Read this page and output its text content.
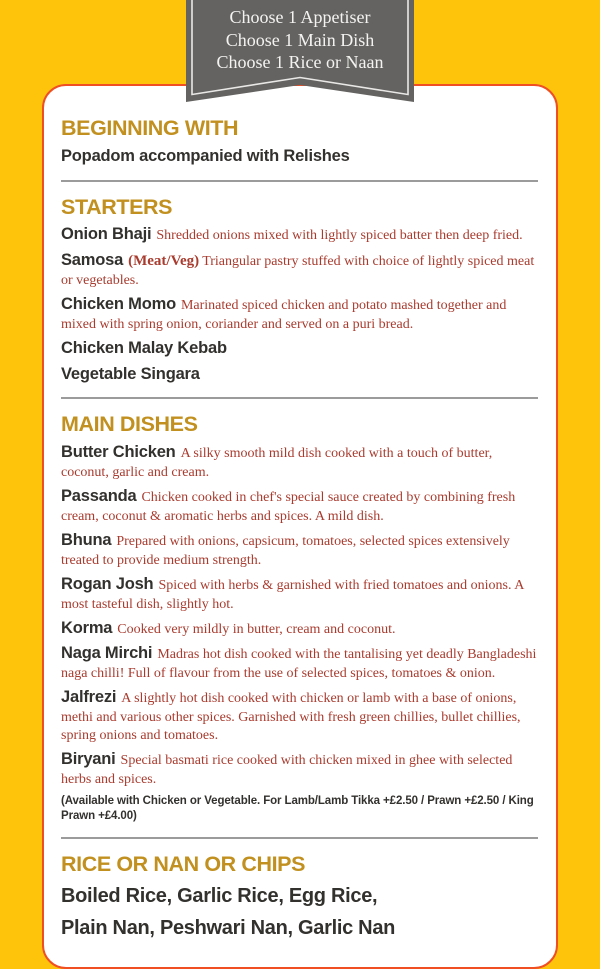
Choose 1 Appetiser
Choose 1 Main Dish
Choose 1 Rice or Naan
BEGINNING WITH

Popadom accompanied with Relishes

STARTERS

Onion Bhaji Shredded onions mixed with lightly spiced batter then deep fried.

Samosa (Meat/Veg) Triangular pastry stuffed with choice of lightly spiced meat or vegetables.

Chicken Momo Marinated spiced chicken and potato mashed together and mixed with spring onion, coriander and served on a puri bread.

Chicken Malay Kebab

Vegetable Singara

MAIN DISHES

Butter Chicken A silky smooth mild dish cooked with a touch of butter, coconut, garlic and cream.

Passanda Chicken cooked in chef's special sauce created by combining fresh cream, coconut & aromatic herbs and spices. A mild dish.

Bhuna Prepared with onions, capsicum, tomatoes, selected spices extensively treated to provide medium strength.

Rogan Josh Spiced with herbs & garnished with fried tomatoes and onions. A most tasteful dish, slightly hot.

Korma Cooked very mildly in butter, cream and coconut.

Naga Mirchi Madras hot dish cooked with the tantalising yet deadly Bangladeshi naga chilli! Full of flavour from the use of selected spices, tomatoes & onion.

Jalfrezi A slightly hot dish cooked with chicken or lamb with a base of onions, methi and various other spices. Garnished with fresh green chillies, bullet chillies, spring onions and tomatoes.

Biryani Special basmati rice cooked with chicken mixed in ghee with selected herbs and spices.

(Available with Chicken or Vegetable. For Lamb/Lamb Tikka +£2.50 / Prawn +£2.50 / King Prawn +£4.00)

RICE OR NAN OR CHIPS

Boiled Rice, Garlic Rice, Egg Rice,

Plain Nan, Peshwari Nan, Garlic Nan
